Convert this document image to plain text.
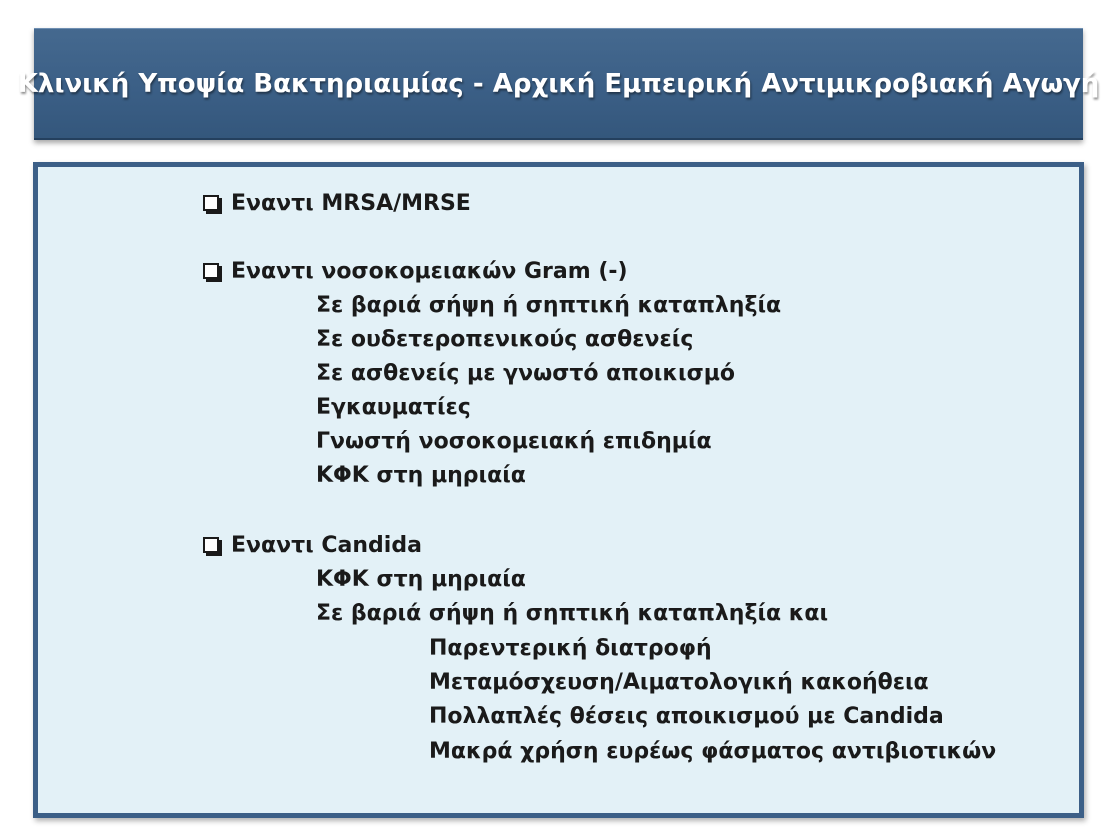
Κλινική Υποψία Βακτηριαιμίας - Αρχική Εμπειρική Αντιμικροβιακή Αγωγή
Εναντι MRSA/MRSE
Εναντι νοσοκομειακών Gram (-)
Σε βαριά σήψη ή σηπτική καταπληξία
Σε ουδετεροπενικούς ασθενείς
Σε ασθενείς με γνωστό αποικισμό
Εγκαυματίες
Γνωστή νοσοκομειακή επιδημία
ΚΦΚ στη μηριαία
Εναντι Candida
ΚΦΚ στη μηριαία
Σε βαριά σήψη ή σηπτική καταπληξία και
Παρεντερική διατροφή
Μεταμόσχευση/Αιματολογική κακοήθεια
Πολλαπλές θέσεις αποικισμού με Candida
Μακρά χρήση ευρέως φάσματος αντιβιοτικών
